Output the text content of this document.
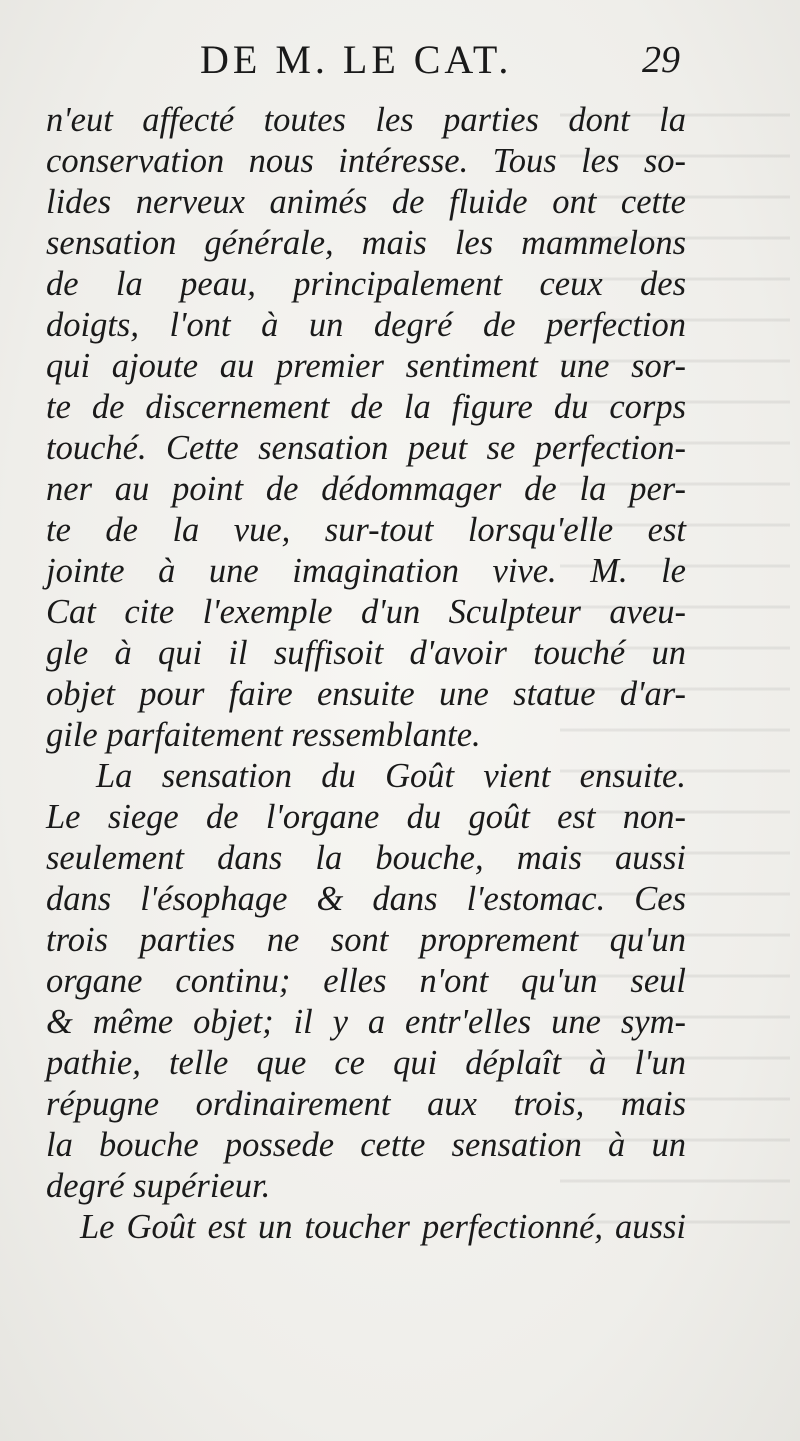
DE M. LE CAT.	29
n'eut affecté toutes les parties dont la
conservation nous intéresse. Tous les so-
lides nerveux animés de fluide ont cette
sensation générale, mais les mammelons
de la peau, principalement ceux des
doigts, l'ont à un degré de perfection
qui ajoute au premier sentiment une sor-
te de discernement de la figure du corps
touché. Cette sensation peut se perfection-
ner au point de dédommager de la per-
te de la vue, sur-tout lorsqu'elle est
jointe à une imagination vive. M. le
Cat cite l'exemple d'un Sculpteur aveu-
gle à qui il suffisoit d'avoir touché un
objet pour faire ensuite une statue d'ar-
gile parfaitement ressemblante.
La sensation du Goût vient ensuite.
Le siege de l'organe du goût est non-
seulement dans la bouche, mais aussi
dans l'ésophage & dans l'estomac. Ces
trois parties ne sont proprement qu'un
organe continu; elles n'ont qu'un seul
& même objet; il y a entr'elles une sym-
pathie, telle que ce qui déplaît à l'un
répugne ordinairement aux trois, mais
la bouche possede cette sensation à un
degré supérieur.
Le Goût est un toucher perfectionné, aussi
